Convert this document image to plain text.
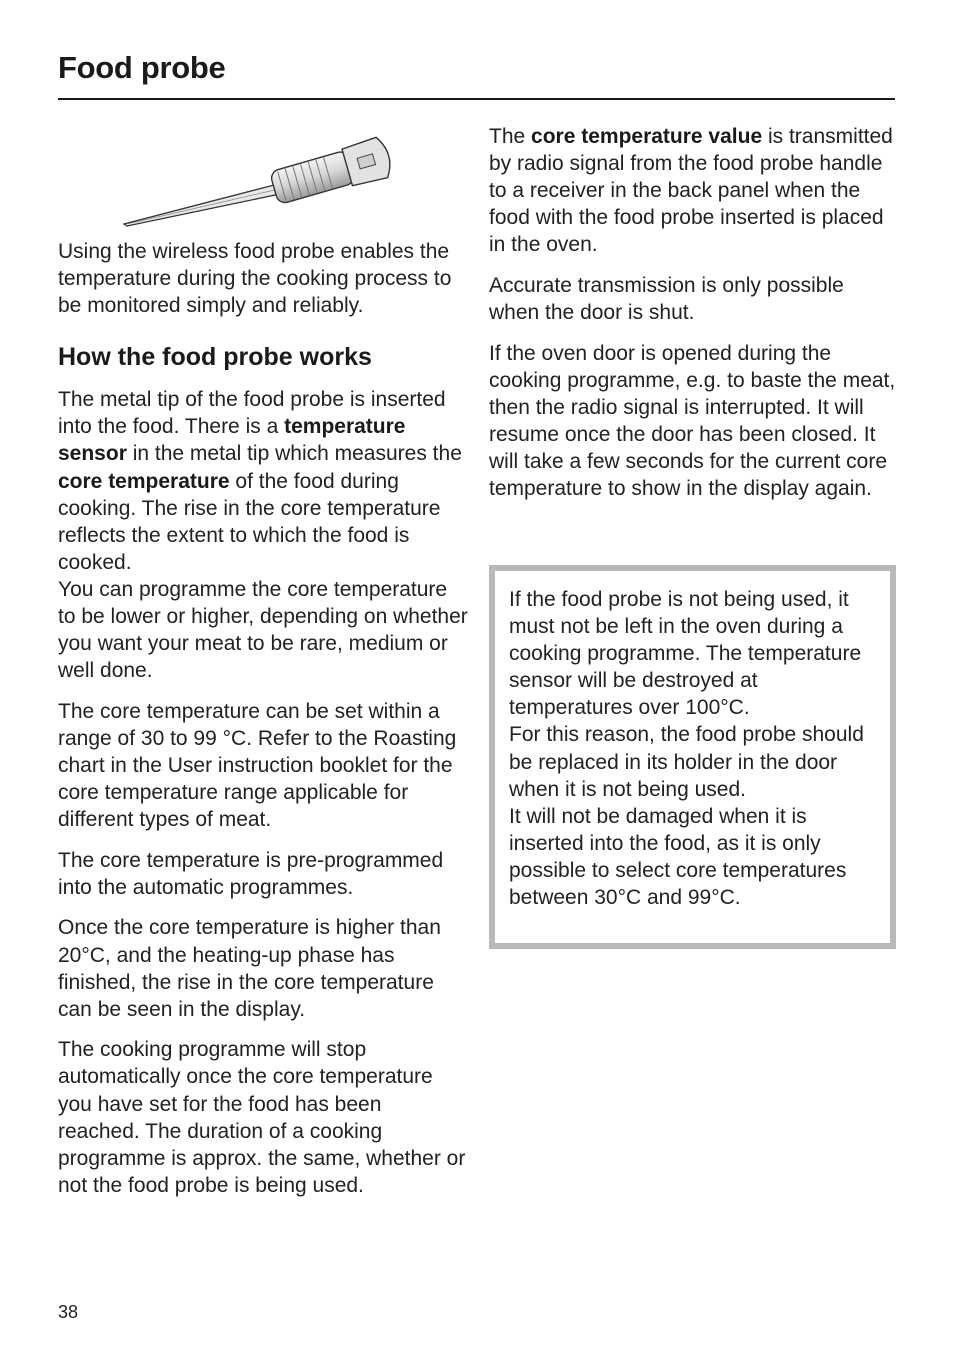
Food probe

Using the wireless food probe enables the temperature during the cooking process to be monitored simply and reliably.

How the food probe works

The metal tip of the food probe is inserted into the food. There is a temperature sensor in the metal tip which measures the core temperature of the food during cooking. The rise in the core temperature reflects the extent to which the food is cooked.
You can programme the core temperature to be lower or higher, depending on whether you want your meat to be rare, medium or well done.

The core temperature can be set within a range of 30 to 99 °C. Refer to the Roasting chart in the User instruction booklet for the core temperature range applicable for different types of meat.

The core temperature is pre-programmed into the automatic programmes.

Once the core temperature is higher than 20°C, and the heating-up phase has finished, the rise in the core temperature can be seen in the display.

The cooking programme will stop automatically once the core temperature you have set for the food has been reached. The duration of a cooking programme is approx. the same, whether or not the food probe is being used.

The core temperature value is transmitted by radio signal from the food probe handle to a receiver in the back panel when the food with the food probe inserted is placed in the oven.

Accurate transmission is only possible when the door is shut.

If the oven door is opened during the cooking programme, e.g. to baste the meat, then the radio signal is interrupted. It will resume once the door has been closed. It will take a few seconds for the current core temperature to show in the display again.

If the food probe is not being used, it must not be left in the oven during a cooking programme. The temperature sensor will be destroyed at temperatures over 100°C.
For this reason, the food probe should be replaced in its holder in the door when it is not being used.
It will not be damaged when it is inserted into the food, as it is only possible to select core temperatures between 30°C and 99°C.
38
